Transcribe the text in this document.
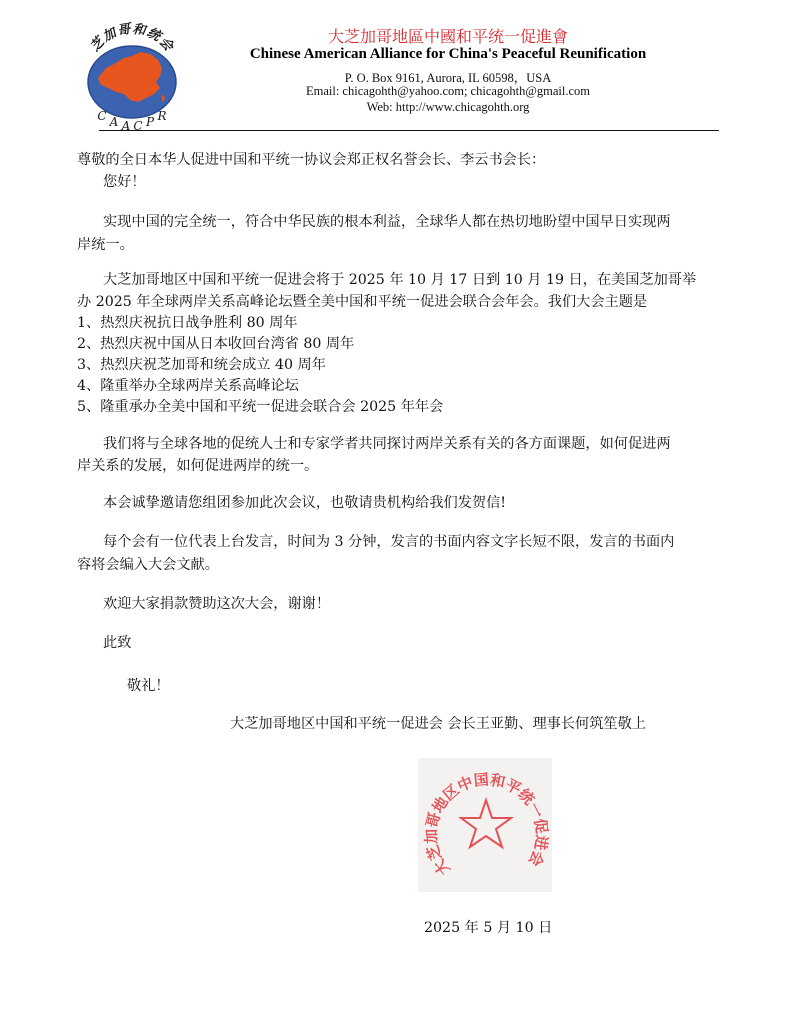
芝加哥和统会
C A A C P R
大芝加哥地區中國和平统一促進會
Chinese American Alliance for China's Peaceful Reunification
P. O. Box 9161, Aurora, IL 60598，USA
Email: chicagohth@yahoo.com; chicagohth@gmail.com
Web: http://www.chicagohth.org
尊敬的全日本华人促进中国和平统一协议会郑正权名誉会长、李云书会长：
您好！
实现中国的完全统一，符合中华民族的根本利益，全球华人都在热切地盼望中国早日实现两
岸统一。
大芝加哥地区中国和平统一促进会将于 2025 年 10 月 17 日到 10 月 19 日，在美国芝加哥举
办 2025 年全球两岸关系高峰论坛暨全美中国和平统一促进会联合会年会。我们大会主题是
1、热烈庆祝抗日战争胜利 80 周年
2、热烈庆祝中国从日本收回台湾省 80 周年
3、热烈庆祝芝加哥和统会成立 40 周年
4、隆重举办全球两岸关系高峰论坛
5、隆重承办全美中国和平统一促进会联合会 2025 年年会
我们将与全球各地的促统人士和专家学者共同探讨两岸关系有关的各方面课题，如何促进两
岸关系的发展，如何促进两岸的统一。
本会诚挚邀请您组团参加此次会议，也敬请贵机构给我们发贺信!
每个会有一位代表上台发言，时间为 3 分钟，发言的书面内容文字长短不限，发言的书面内
容将会编入大会文献。
欢迎大家捐款赞助这次大会，谢谢！
此致
敬礼！
大芝加哥地区中国和平统一促进会 会长王亚勤、理事长何筑笙敬上
大芝加哥地区中国和平统一促进会
2025 年 5 月 10 日
